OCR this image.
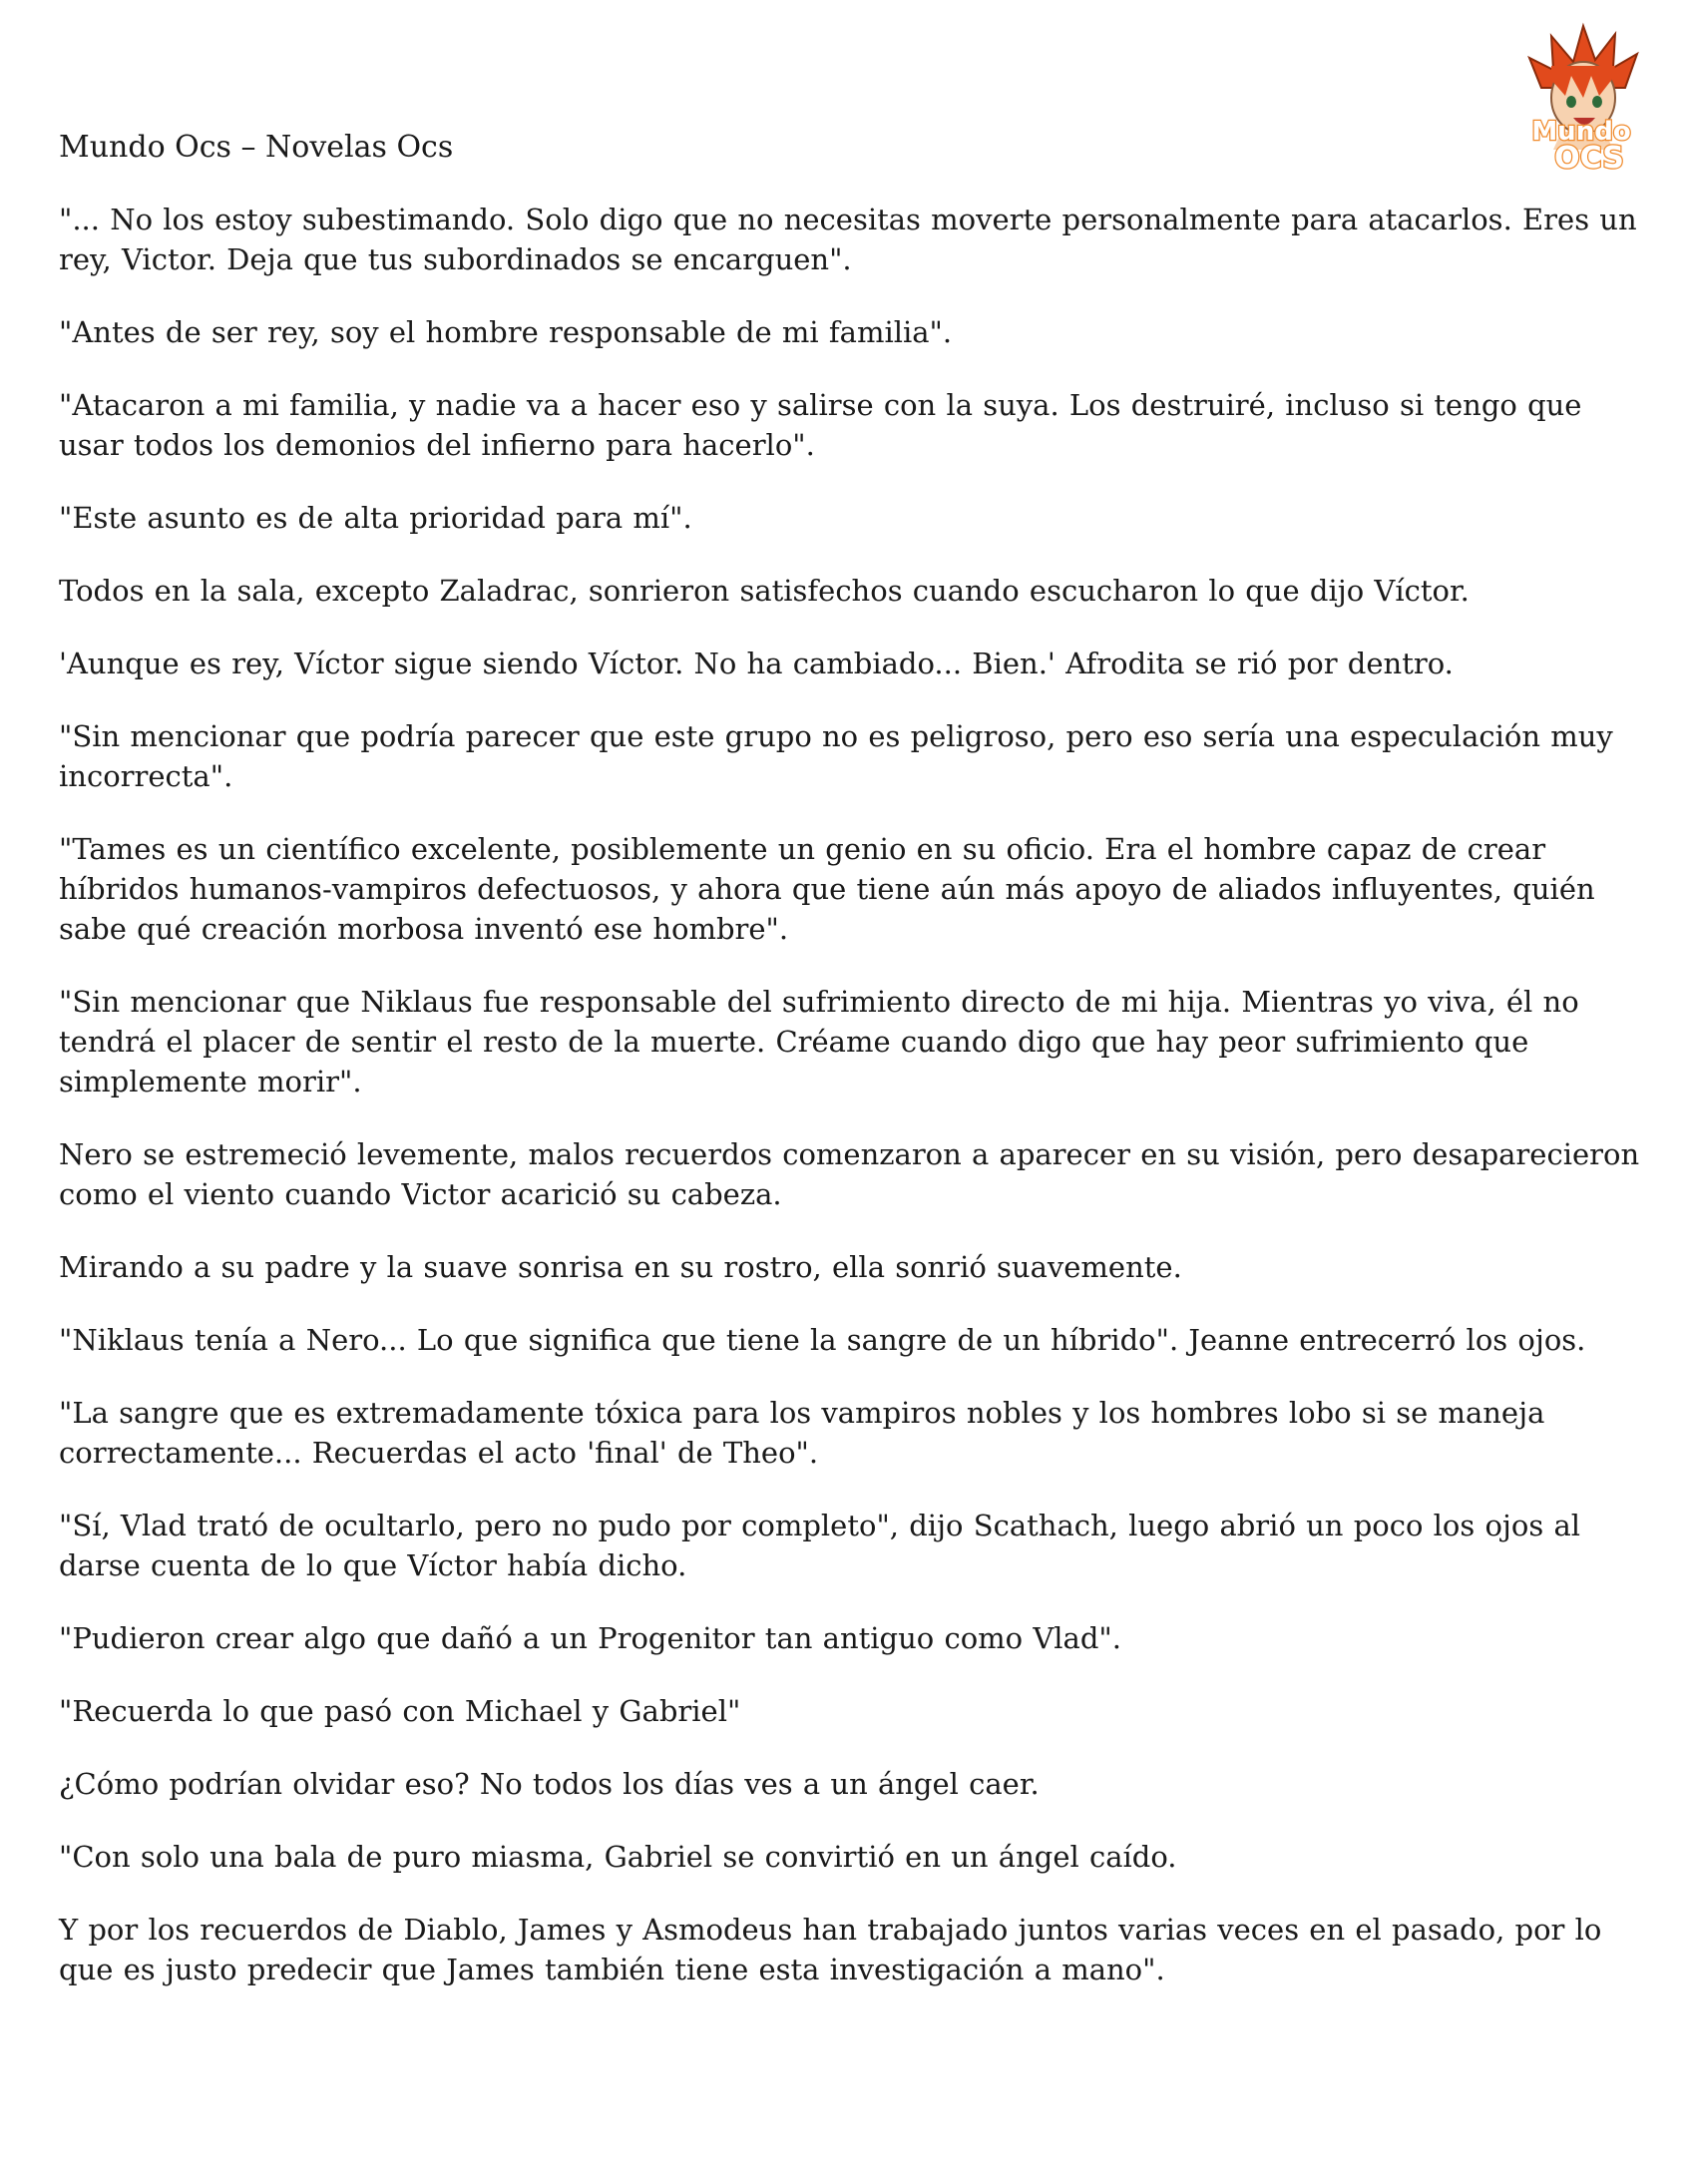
Mundo
OCS
Mundo Ocs – Novelas Ocs

"... No los estoy subestimando. Solo digo que no necesitas moverte personalmente para atacarlos. Eres un rey, Victor. Deja que tus subordinados se encarguen".

"Antes de ser rey, soy el hombre responsable de mi familia".

"Atacaron a mi familia, y nadie va a hacer eso y salirse con la suya. Los destruiré, incluso si tengo que usar todos los demonios del infierno para hacerlo".

"Este asunto es de alta prioridad para mí".

Todos en la sala, excepto Zaladrac, sonrieron satisfechos cuando escucharon lo que dijo Víctor.

'Aunque es rey, Víctor sigue siendo Víctor. No ha cambiado... Bien.' Afrodita se rió por dentro.

"Sin mencionar que podría parecer que este grupo no es peligroso, pero eso sería una especulación muy incorrecta".

"Tames es un científico excelente, posiblemente un genio en su oficio. Era el hombre capaz de crear híbridos humanos-vampiros defectuosos, y ahora que tiene aún más apoyo de aliados influyentes, quién sabe qué creación morbosa inventó ese hombre".

"Sin mencionar que Niklaus fue responsable del sufrimiento directo de mi hija. Mientras yo viva, él no tendrá el placer de sentir el resto de la muerte. Créame cuando digo que hay peor sufrimiento que simplemente morir".

Nero se estremeció levemente, malos recuerdos comenzaron a aparecer en su visión, pero desaparecieron como el viento cuando Victor acarició su cabeza.

Mirando a su padre y la suave sonrisa en su rostro, ella sonrió suavemente.

"Niklaus tenía a Nero... Lo que significa que tiene la sangre de un híbrido". Jeanne entrecerró los ojos.

"La sangre que es extremadamente tóxica para los vampiros nobles y los hombres lobo si se maneja correctamente... Recuerdas el acto 'final' de Theo".

"Sí, Vlad trató de ocultarlo, pero no pudo por completo", dijo Scathach, luego abrió un poco los ojos al darse cuenta de lo que Víctor había dicho.

"Pudieron crear algo que dañó a un Progenitor tan antiguo como Vlad".

"Recuerda lo que pasó con Michael y Gabriel"

¿Cómo podrían olvidar eso? No todos los días ves a un ángel caer.

"Con solo una bala de puro miasma, Gabriel se convirtió en un ángel caído.

Y por los recuerdos de Diablo, James y Asmodeus han trabajado juntos varias veces en el pasado, por lo que es justo predecir que James también tiene esta investigación a mano".
